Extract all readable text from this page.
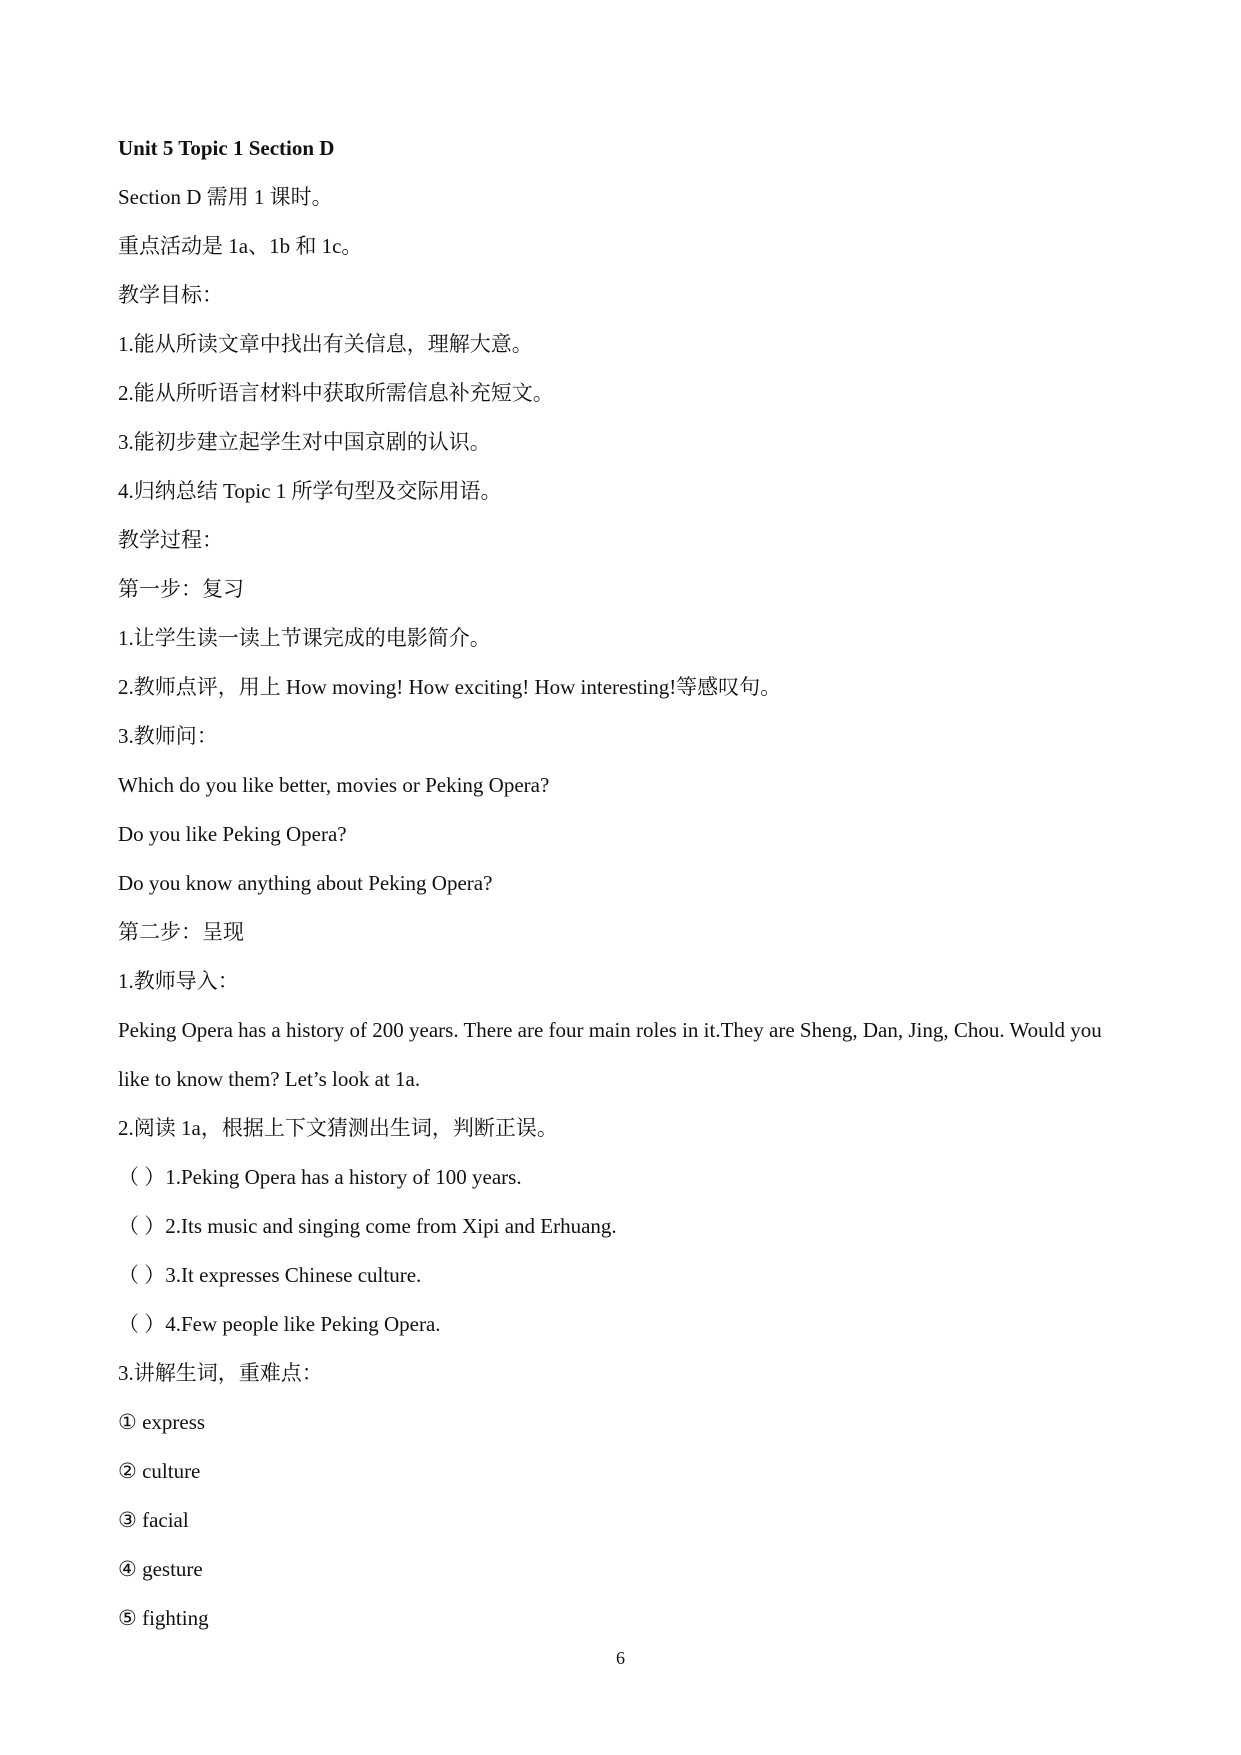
Unit 5 Topic 1 Section D
Section D 需用 1 课时。
重点活动是 1a、1b 和 1c。
教学目标：
1.能从所读文章中找出有关信息，理解大意。
2.能从所听语言材料中获取所需信息补充短文。
3.能初步建立起学生对中国京剧的认识。
4.归纳总结 Topic 1 所学句型及交际用语。
教学过程：
第一步：复习
1.让学生读一读上节课完成的电影简介。
2.教师点评，用上 How moving! How exciting! How interesting!等感叹句。
3.教师问：
Which do you like better, movies or Peking Opera?
Do you like Peking Opera?
Do you know anything about Peking Opera?
第二步：呈现
1.教师导入：
Peking Opera has a history of 200 years. There are four main roles in it.They are Sheng, Dan, Jing, Chou. Would you like to know them? Let’s look at 1a.
2.阅读 1a，根据上下文猜测出生词，判断正误。
（ ）1.Peking Opera has a history of 100 years.
（ ）2.Its music and singing come from Xipi and Erhuang.
（ ）3.It expresses Chinese culture.
（ ）4.Few people like Peking Opera.
3.讲解生词，重难点：
① express
② culture
③ facial
④ gesture
⑤ fighting
6
